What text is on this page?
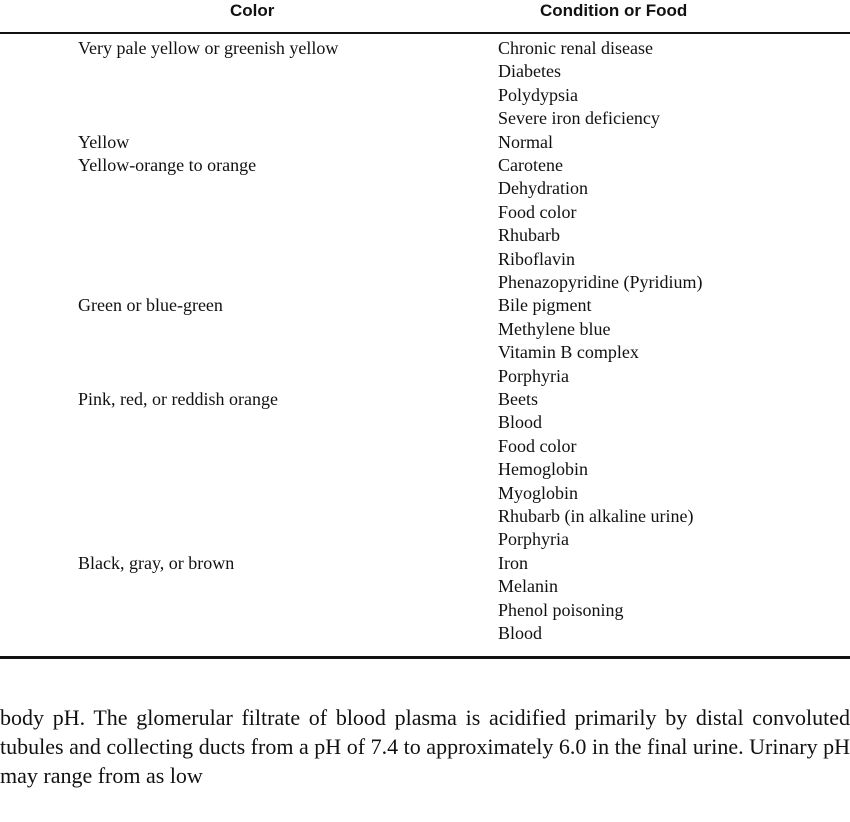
Color	Condition or Food
Very pale yellow or greenish yellow	Chronic renal disease
Diabetes
Polydypsia
Severe iron deficiency
Yellow	Normal
Yellow-orange to orange	Carotene
Dehydration
Food color
Rhubarb
Riboflavin
Phenazopyridine (Pyridium)
Green or blue-green	Bile pigment
Methylene blue
Vitamin B complex
Porphyria
Pink, red, or reddish orange	Beets
Blood
Food color
Hemoglobin
Myoglobin
Rhubarb (in alkaline urine)
Porphyria
Black, gray, or brown	Iron
Melanin
Phenol poisoning
Blood

body pH. The glomerular filtrate of blood plasma is acidified primarily by distal convoluted tubules and collecting ducts from a pH of 7.4 to approximately 6.0 in the final urine. Urinary pH may range from as low
